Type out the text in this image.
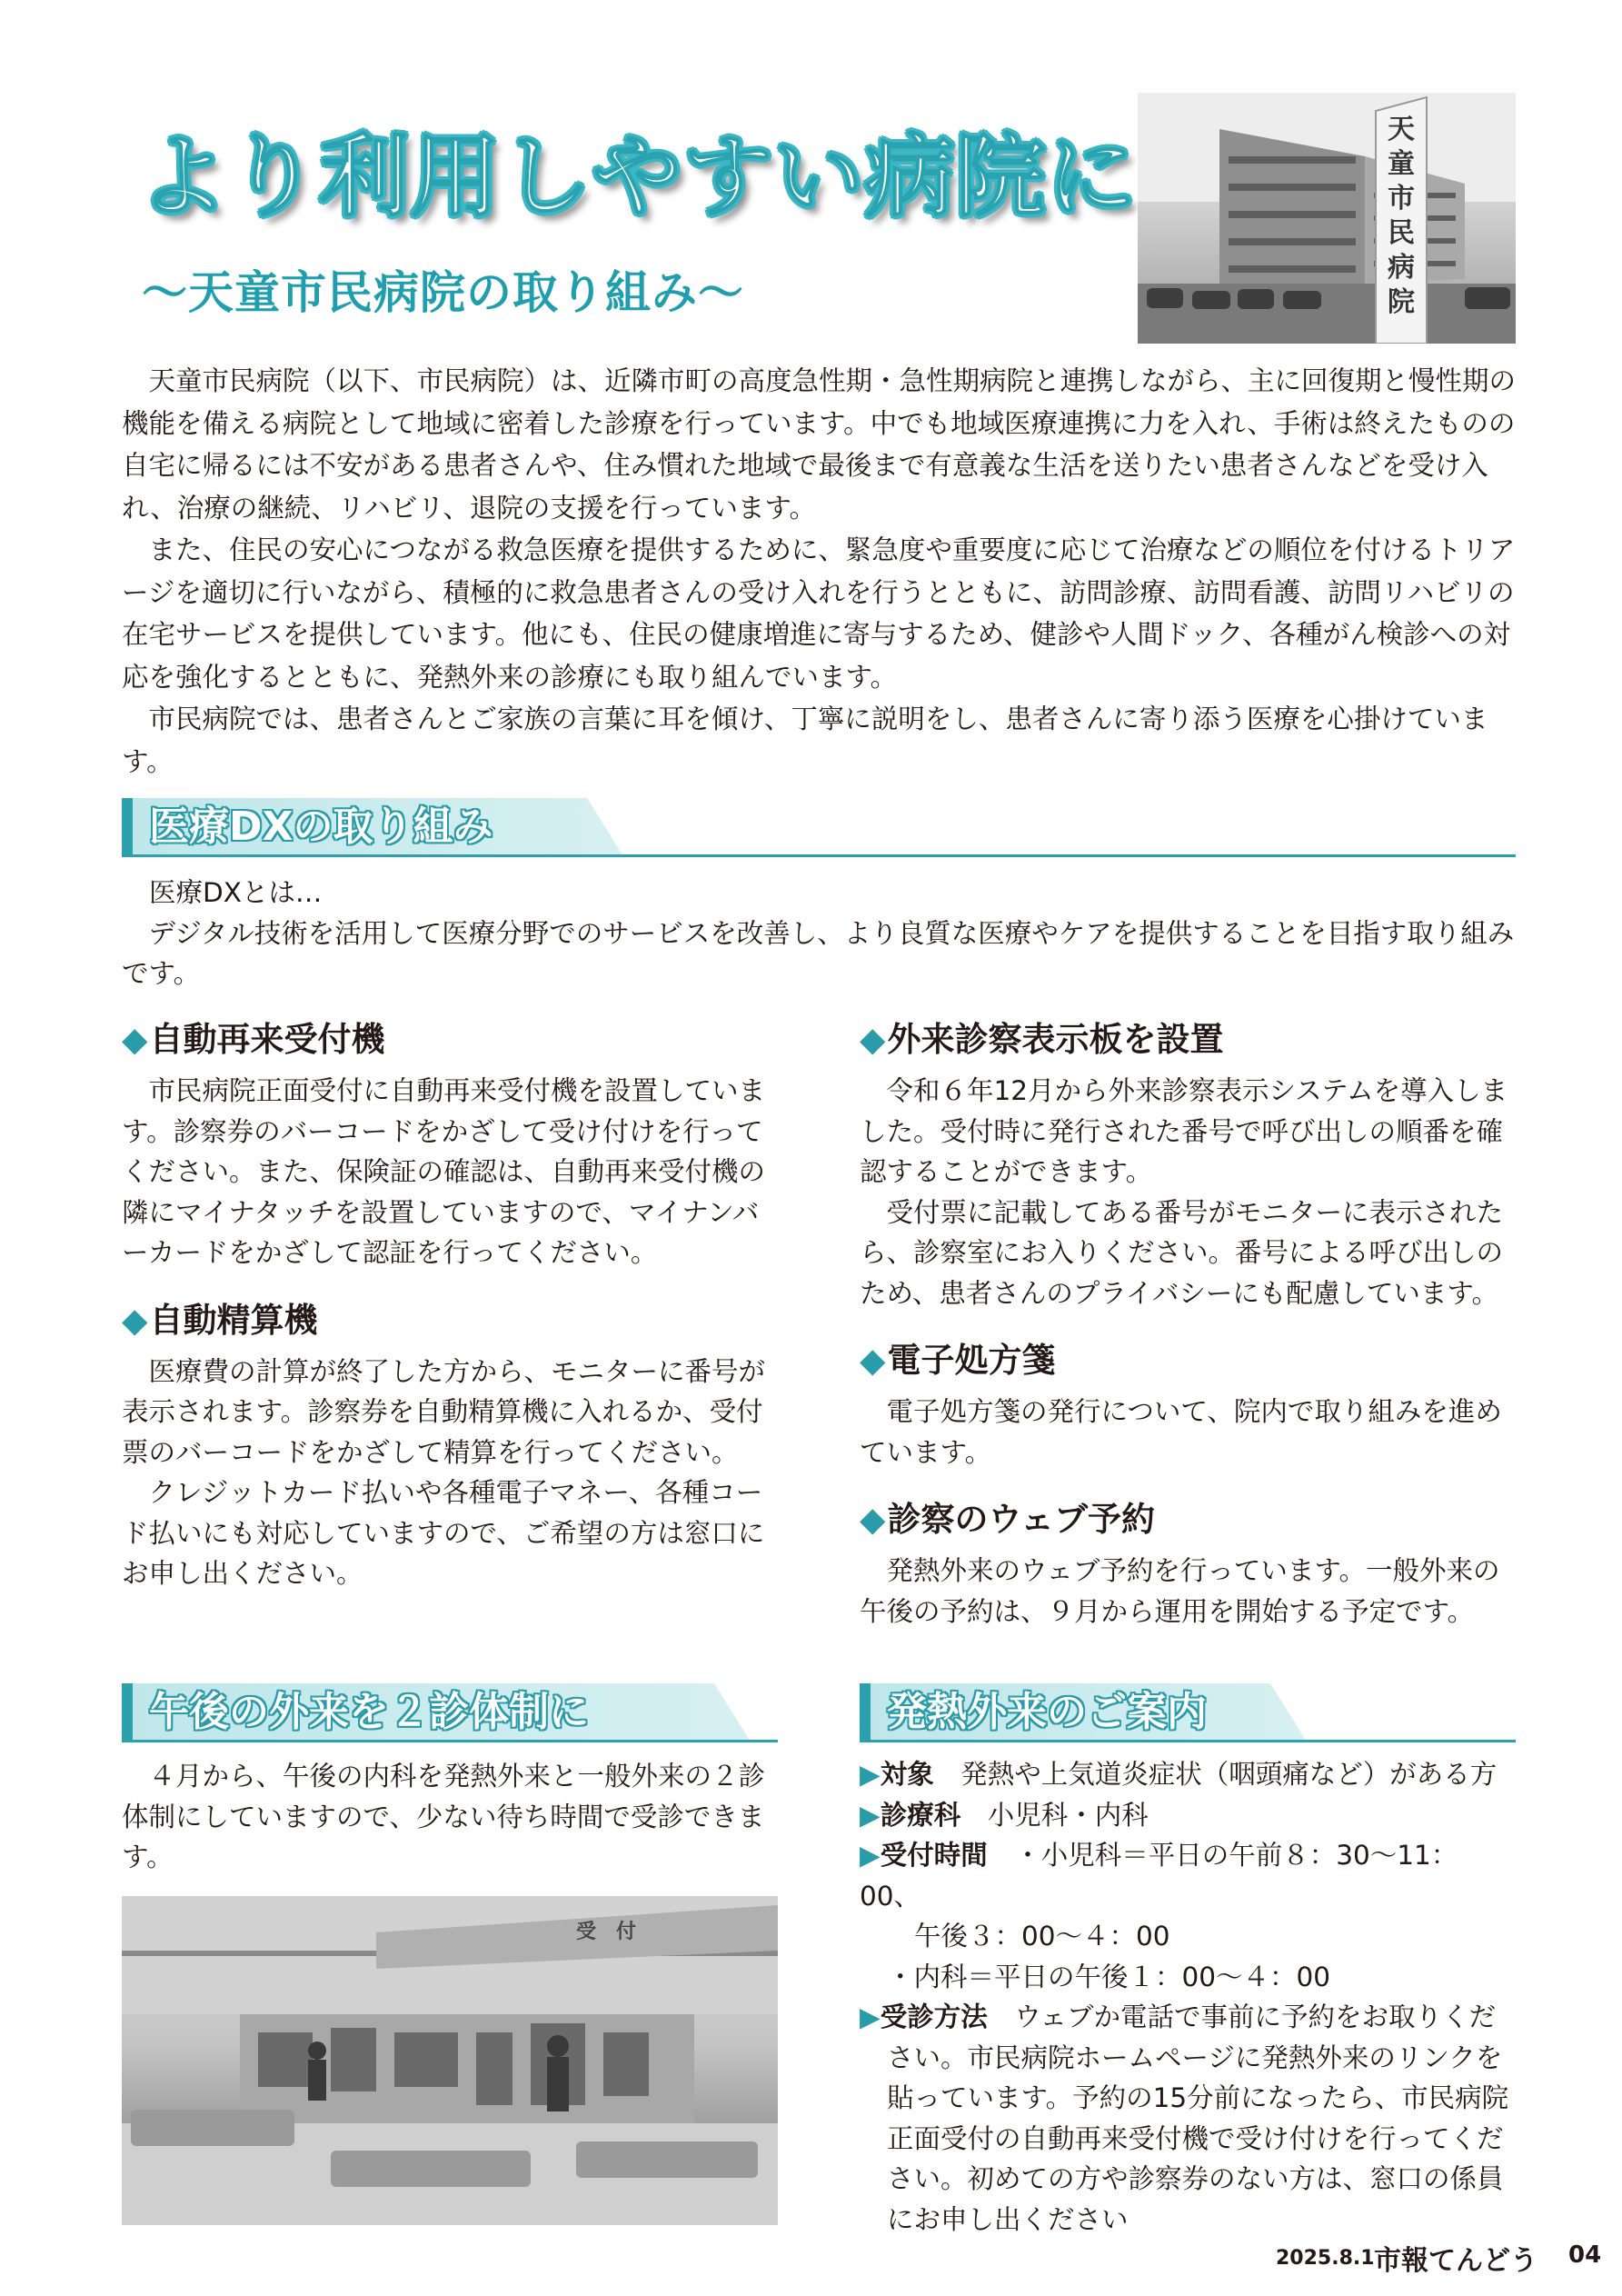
より利用しやすい病院に
〜天童市民病院の取り組み〜
天童市民病院

天童市民病院（以下、市民病院）は、近隣市町の高度急性期・急性期病院と連携しながら、主に回復期と慢性期の機能を備える病院として地域に密着した診療を行っています。中でも地域医療連携に力を入れ、手術は終えたものの自宅に帰るには不安がある患者さんや、住み慣れた地域で最後まで有意義な生活を送りたい患者さんなどを受け入れ、治療の継続、リハビリ、退院の支援を行っています。

また、住民の安心につながる救急医療を提供するために、緊急度や重要度に応じて治療などの順位を付けるトリアージを適切に行いながら、積極的に救急患者さんの受け入れを行うとともに、訪問診療、訪問看護、訪問リハビリの在宅サービスを提供しています。他にも、住民の健康増進に寄与するため、健診や人間ドック、各種がん検診への対応を強化するとともに、発熱外来の診療にも取り組んでいます。

市民病院では、患者さんとご家族の言葉に耳を傾け、丁寧に説明をし、患者さんに寄り添う医療を心掛けています。

医療DXの取り組み
医療DXとは…

デジタル技術を活用して医療分野でのサービスを改善し、より良質な医療やケアを提供することを目指す取り組みです。

◆自動再来受付機

市民病院正面受付に自動再来受付機を設置しています。診察券のバーコードをかざして受け付けを行ってください。また、保険証の確認は、自動再来受付機の隣にマイナタッチを設置していますので、マイナンバーカードをかざして認証を行ってください。

◆自動精算機

医療費の計算が終了した方から、モニターに番号が表示されます。診察券を自動精算機に入れるか、受付票のバーコードをかざして精算を行ってください。

クレジットカード払いや各種電子マネー、各種コード払いにも対応していますので、ご希望の方は窓口にお申し出ください。

◆外来診察表示板を設置

令和６年12月から外来診察表示システムを導入しました。受付時に発行された番号で呼び出しの順番を確認することができます。

受付票に記載してある番号がモニターに表示されたら、診察室にお入りください。番号による呼び出しのため、患者さんのプライバシーにも配慮しています。

◆電子処方箋

電子処方箋の発行について、院内で取り組みを進めています。

◆診察のウェブ予約

発熱外来のウェブ予約を行っています。一般外来の午後の予約は、９月から運用を開始する予定です。

午後の外来を２診体制に

４月から、午後の内科を発熱外来と一般外来の２診体制にしていますので、少ない待ち時間で受診できます。

受　付
発熱外来のご案内
▶対象　 発熱や上気道炎症状（咽頭痛など）がある方
▶診療科　 小児科・内科
▶受付時間　 ・小児科＝平日の午前８：30〜11：00、
午後３：00〜４：00
・内科＝平日の午後１：00〜４：00
▶受診方法　 ウェブか電話で事前に予約をお取りください。市民病院ホームページに発熱外来のリンクを貼っています。予約の15分前になったら、市民病院正面受付の自動再来受付機で受け付けを行ってください。初めての方や診察券のない方は、窓口の係員にお申し出ください
2025.8.1 市報てんどう 04
